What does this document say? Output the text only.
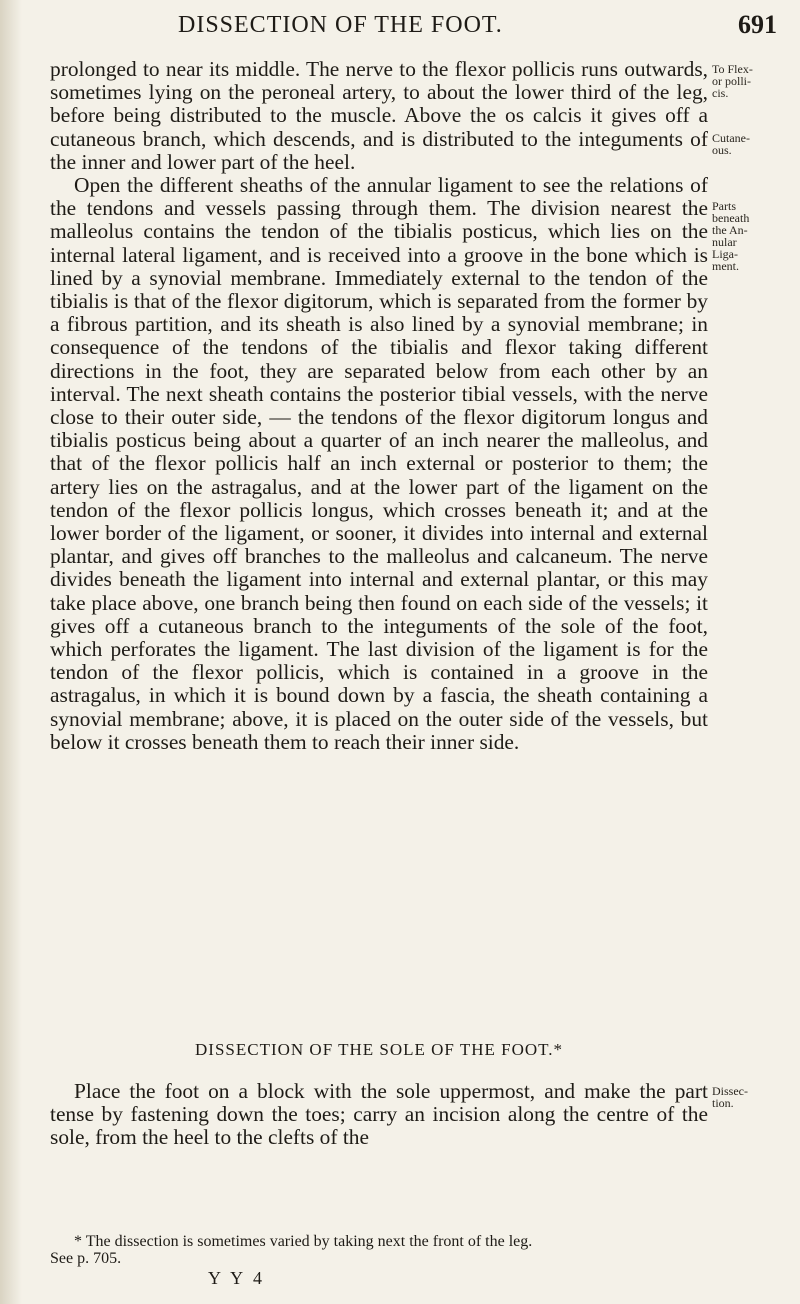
DISSECTION OF THE FOOT.	691

prolonged to near its middle. The nerve to the flexor pollicis runs outwards, sometimes lying on the peroneal artery, to about the lower third of the leg, before being distributed to the muscle. Above the os calcis it gives off a cutaneous branch, which descends, and is distributed to the integuments of the inner and lower part of the heel.

Open the different sheaths of the annular ligament to see the relations of the tendons and vessels passing through them. The division nearest the malleolus contains the tendon of the tibialis posticus, which lies on the internal lateral ligament, and is received into a groove in the bone which is lined by a synovial membrane. Immediately external to the tendon of the tibialis is that of the flexor digitorum, which is separated from the former by a fibrous partition, and its sheath is also lined by a synovial membrane; in consequence of the tendons of the tibialis and flexor taking different directions in the foot, they are separated below from each other by an interval. The next sheath contains the posterior tibial vessels, with the nerve close to their outer side, — the tendons of the flexor digitorum longus and tibialis posticus being about a quarter of an inch nearer the malleolus, and that of the flexor pollicis half an inch external or posterior to them; the artery lies on the astragalus, and at the lower part of the ligament on the tendon of the flexor pollicis longus, which crosses beneath it; and at the lower border of the ligament, or sooner, it divides into internal and external plantar, and gives off branches to the malleolus and calcaneum. The nerve divides beneath the ligament into internal and external plantar, or this may take place above, one branch being then found on each side of the vessels; it gives off a cutaneous branch to the integuments of the sole of the foot, which perforates the ligament. The last division of the ligament is for the tendon of the flexor pollicis, which is contained in a groove in the astragalus, in which it is bound down by a fascia, the sheath containing a synovial membrane; above, it is placed on the outer side of the vessels, but below it crosses beneath them to reach their inner side.

To Flex-
or polli-
cis.
Cutane-
ous.
Parts
beneath
the An-
nular
Liga-
ment.
DISSECTION OF THE SOLE OF THE FOOT.*

Place the foot on a block with the sole uppermost, and make the part tense by fastening down the toes; carry an incision along the centre of the sole, from the heel to the clefts of the

Dissec-
tion.

* The dissection is sometimes varied by taking next the front of the leg.

See p. 705.

Y Y 4
